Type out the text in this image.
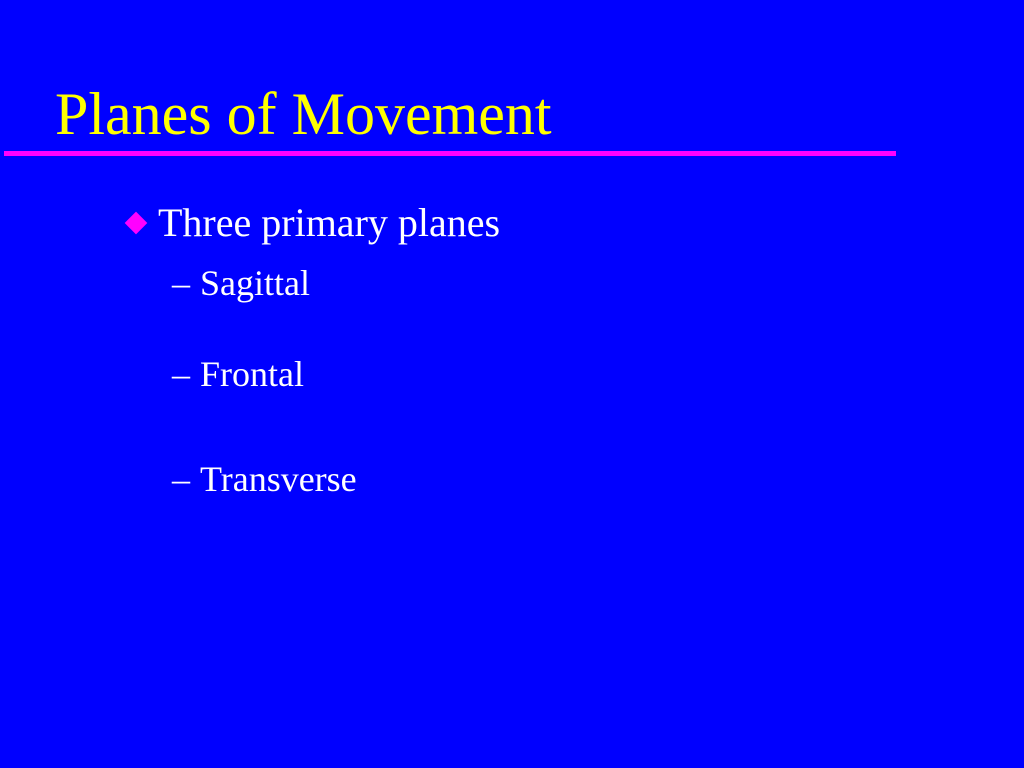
Planes of Movement
Three primary planes
– Sagittal
– Frontal
– Transverse
